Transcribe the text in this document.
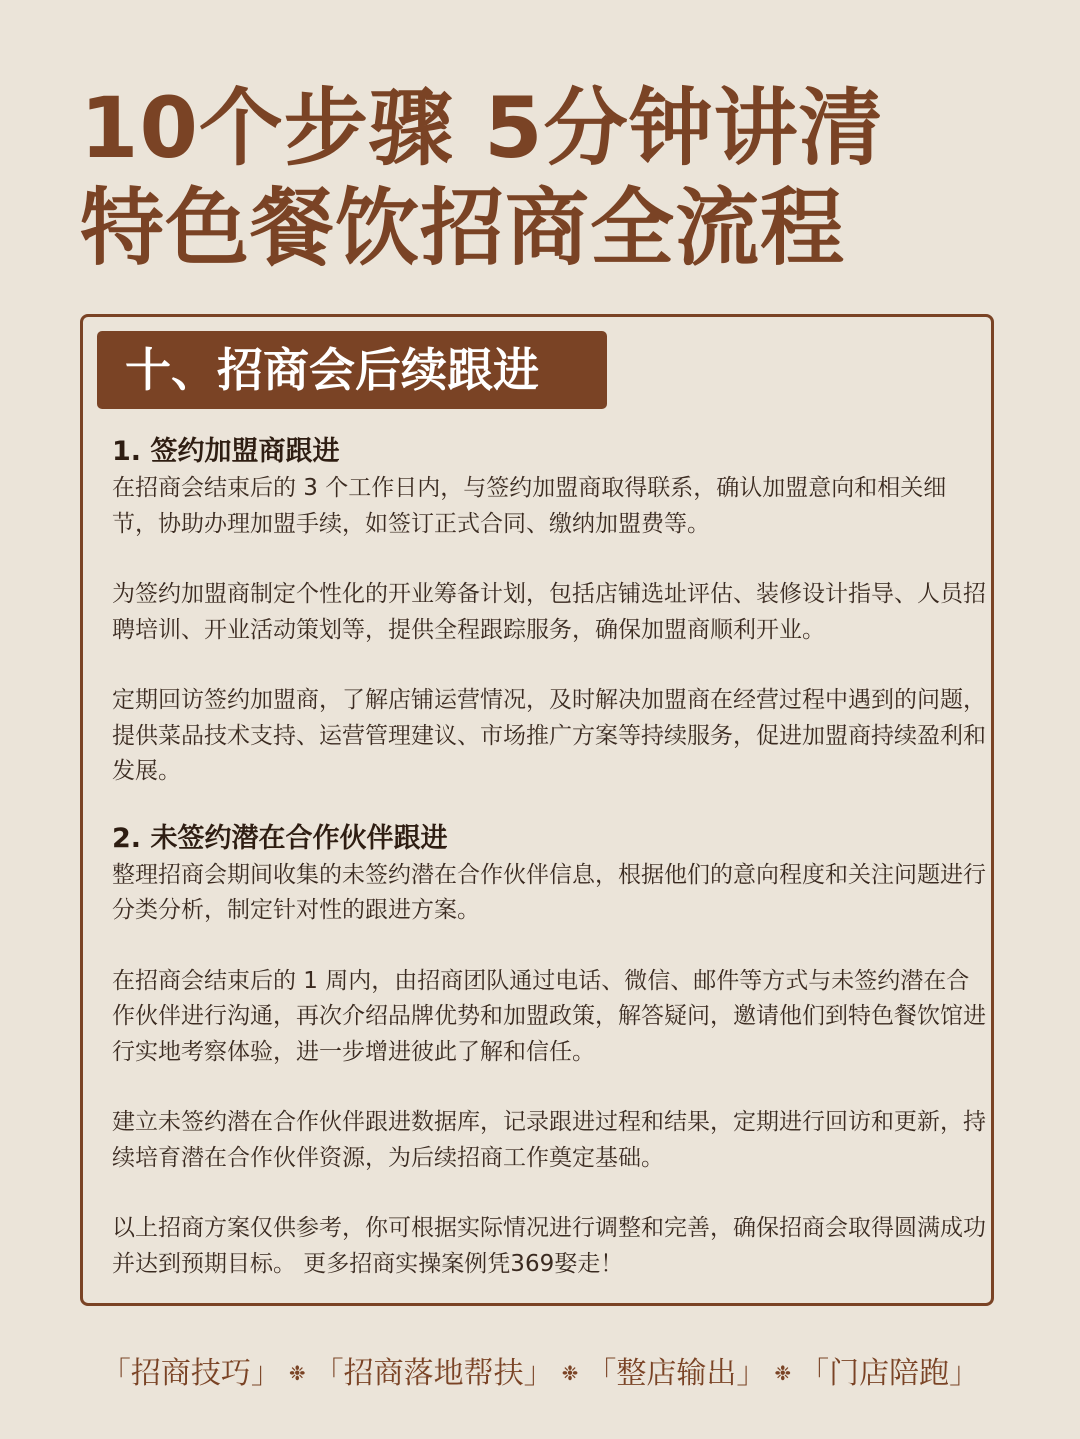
10个步骤 5分钟讲清
特色餐饮招商全流程
十、招商会后续跟进
1. 签约加盟商跟进

在招商会结束后的 3 个工作日内，与签约加盟商取得联系，确认加盟意向和相关细节，协助办理加盟手续，如签订正式合同、缴纳加盟费等。

为签约加盟商制定个性化的开业筹备计划，包括店铺选址评估、装修设计指导、人员招聘培训、开业活动策划等，提供全程跟踪服务，确保加盟商顺利开业。

定期回访签约加盟商，了解店铺运营情况，及时解决加盟商在经营过程中遇到的问题，提供菜品技术支持、运营管理建议、市场推广方案等持续服务，促进加盟商持续盈利和发展。

2. 未签约潜在合作伙伴跟进

整理招商会期间收集的未签约潜在合作伙伴信息，根据他们的意向程度和关注问题进行分类分析，制定针对性的跟进方案。

在招商会结束后的 1 周内，由招商团队通过电话、微信、邮件等方式与未签约潜在合作伙伴进行沟通，再次介绍品牌优势和加盟政策，解答疑问，邀请他们到特色餐饮馆进行实地考察体验，进一步增进彼此了解和信任。

建立未签约潜在合作伙伴跟进数据库，记录跟进过程和结果，定期进行回访和更新，持续培育潜在合作伙伴资源，为后续招商工作奠定基础。

以上招商方案仅供参考，你可根据实际情况进行调整和完善，确保招商会取得圆满成功并达到预期目标。 更多招商实操案例凭369娶走！

「招商技巧」 ❉ 「招商落地帮扶」 ❉ 「整店输出」 ❉ 「门店陪跑」
